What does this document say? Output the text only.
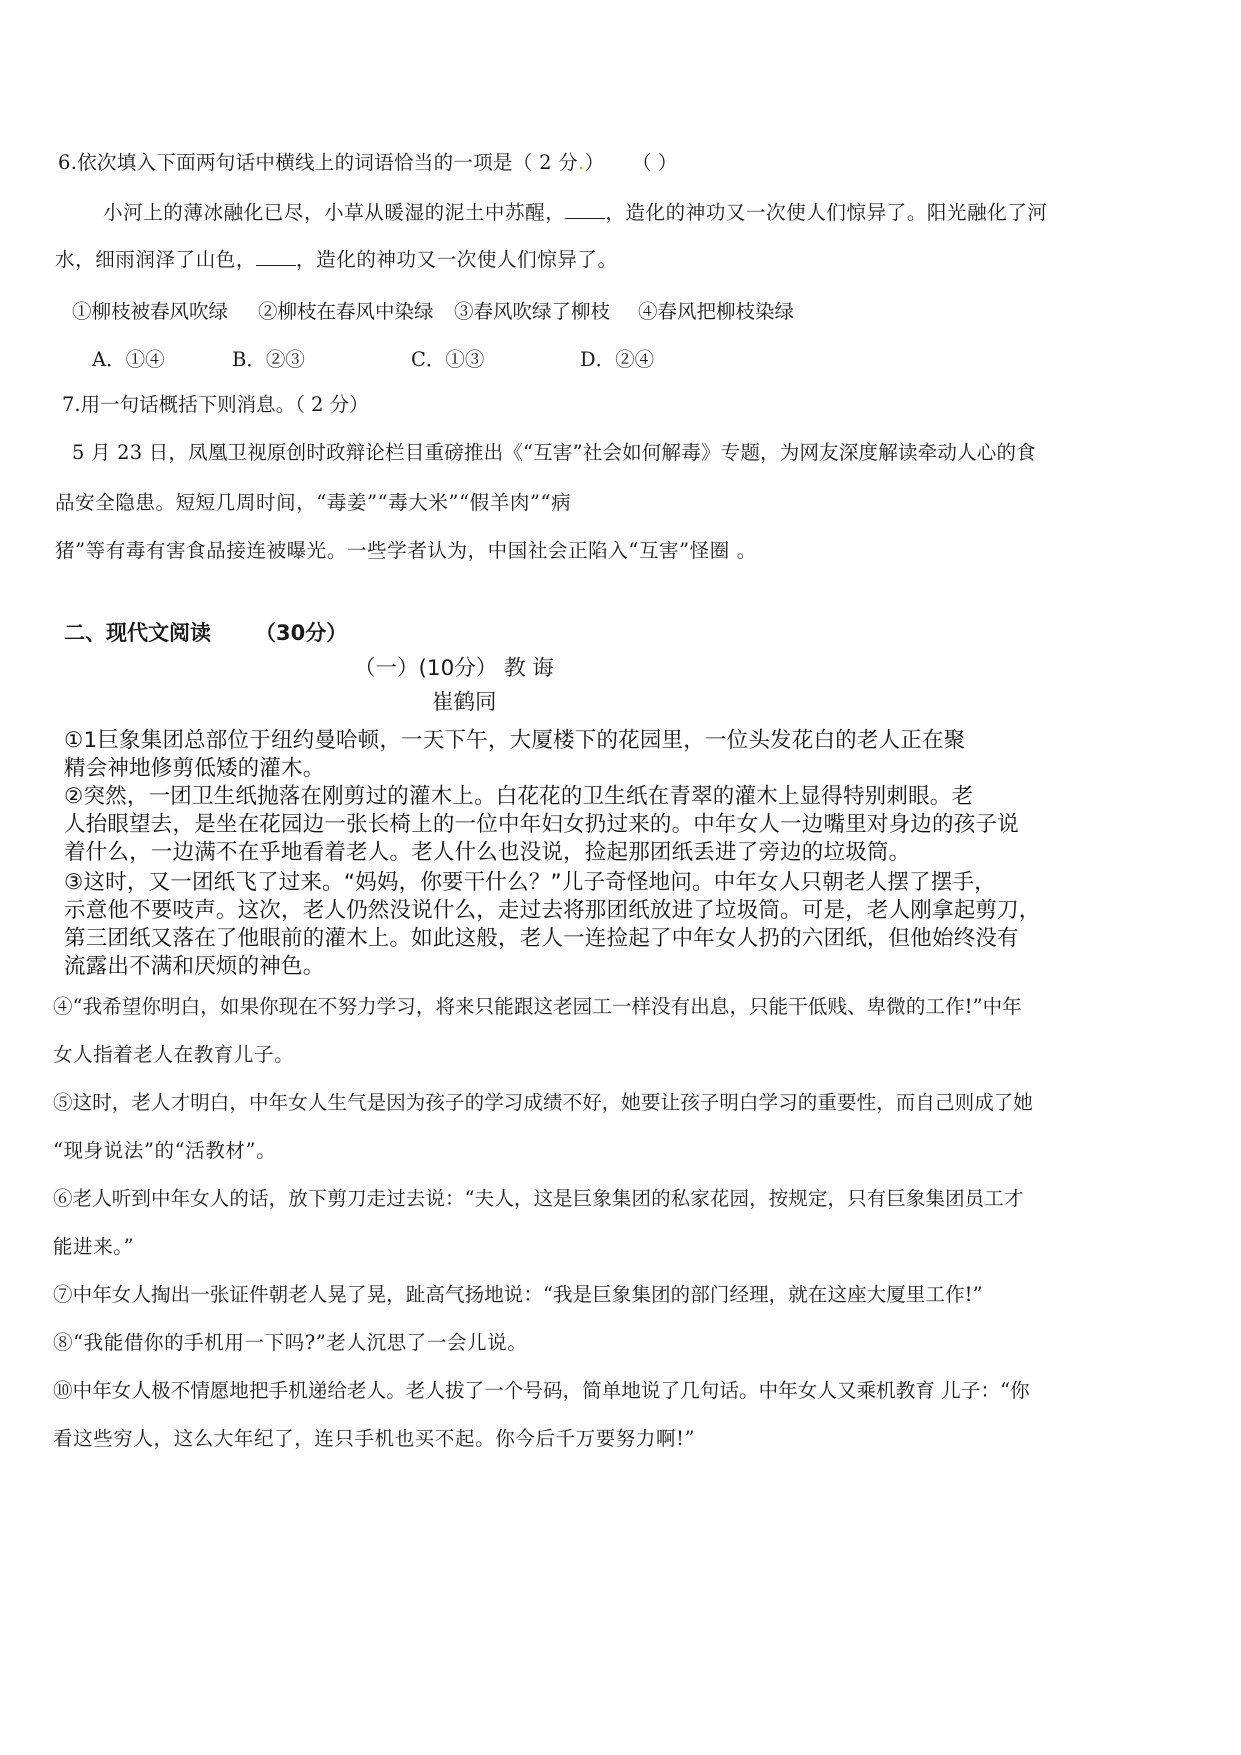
6.依次填入下面两句话中横线上的词语恰当的一项是（ 2 分.） （ ）
小河上的薄冰融化已尽，小草从暖湿的泥土中苏醒， ，造化的神功又一次使人们惊异了。阳光融化了河
水，细雨润泽了山色， ，造化的神功又一次使人们惊异了。
①柳枝被春风吹绿 ②柳枝在春风中染绿 ③春风吹绿了柳枝 ④春风把柳枝染绿
A．①④	B．②③	C．①③	D．②④
7.用一句话概括下则消息。（ 2 分）
5 月 23 日，凤凰卫视原创时政辩论栏目重磅推出《“互害”社会如何解毒》专题，为网友深度解读牵动人心的食
品安全隐患。短短几周时间，“毒姜”“毒大米”“假羊肉”“病
猪”等有毒有害食品接连被曝光。一些学者认为，中国社会正陷入“互害”怪圈 。
二、现代文阅读 （30分）
（一）(10分） 教 诲
崔鹤同
①1巨象集团总部位于纽约曼哈顿，一天下午，大厦楼下的花园里，一位头发花白的老人正在聚
精会神地修剪低矮的灌木。
②突然，一团卫生纸抛落在刚剪过的灌木上。白花花的卫生纸在青翠的灌木上显得特别刺眼。老
人抬眼望去，是坐在花园边一张长椅上的一位中年妇女扔过来的。中年女人一边嘴里对身边的孩子说
着什么，一边满不在乎地看着老人。老人什么也没说，捡起那团纸丢进了旁边的垃圾筒。
③这时，又一团纸飞了过来。“妈妈，你要干什么？”儿子奇怪地问。中年女人只朝老人摆了摆手，
示意他不要吱声。这次，老人仍然没说什么，走过去将那团纸放进了垃圾筒。可是，老人刚拿起剪刀，
第三团纸又落在了他眼前的灌木上。如此这般，老人一连捡起了中年女人扔的六团纸，但他始终没有
流露出不满和厌烦的神色。
④“我希望你明白，如果你现在不努力学习，将来只能跟这老园工一样没有出息，只能干低贱、卑微的工作!”中年
女人指着老人在教育儿子。
⑤这时，老人才明白，中年女人生气是因为孩子的学习成绩不好，她要让孩子明白学习的重要性，而自己则成了她
“现身说法”的“活教材”。
⑥老人听到中年女人的话，放下剪刀走过去说：“夫人，这是巨象集团的私家花园，按规定，只有巨象集团员工才
能进来。”
⑦中年女人掏出一张证件朝老人晃了晃，趾高气扬地说：“我是巨象集团的部门经理，就在这座大厦里工作!”
⑧“我能借你的手机用一下吗?”老人沉思了一会儿说。
⑩中年女人极不情愿地把手机递给老人。老人拔了一个号码，简单地说了几句话。中年女人又乘机教育 儿子：“你
看这些穷人，这么大年纪了，连只手机也买不起。你今后千万要努力啊!”
